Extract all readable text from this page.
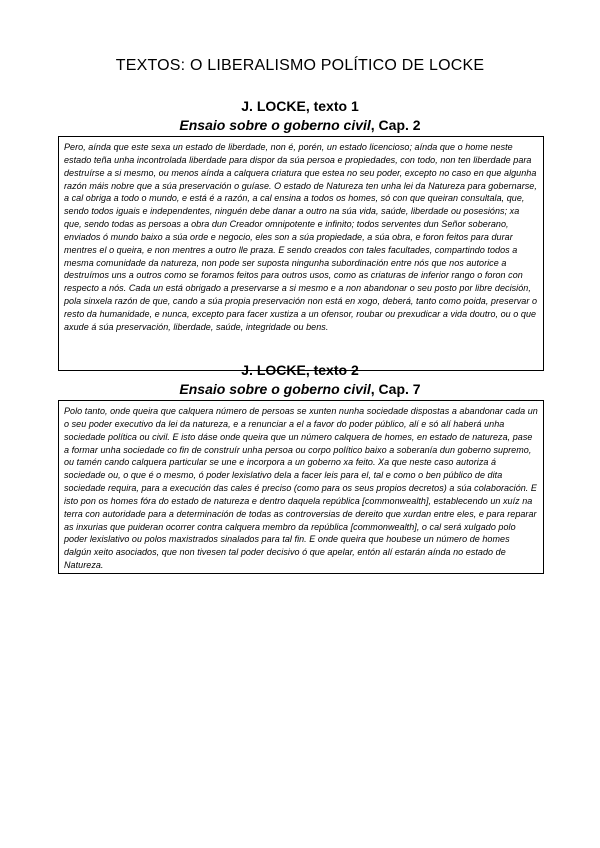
TEXTOS: O LIBERALISMO POLÍTICO DE LOCKE
J. LOCKE, texto 1
Ensaio sobre o goberno civil, Cap. 2
Pero, aínda que este sexa un estado de liberdade, non é, porén, un estado licencioso; aínda que o home neste estado teña unha incontrolada liberdade para dispor da súa persoa e propiedades, con todo, non ten liberdade para destruírse a si mesmo, ou menos aínda a calquera criatura que estea no seu poder, excepto no caso en que algunha razón máis nobre que a súa preservación o guíase. O estado de Natureza ten unha lei da Natureza para gobernarse, a cal obriga a todo o mundo, e está é a razón, a cal ensina a todos os homes, só con que queiran consultala, que, sendo todos iguais e independentes, ninguén debe danar a outro na súa vida, saúde, liberdade ou posesións; xa que, sendo todas as persoas a obra dun Creador omnipotente e infinito; todos serventes dun Señor soberano, enviados ó mundo baixo a súa orde e negocio, eles son a súa propiedade, a súa obra, e foron feitos para durar mentres el o queira, e non mentres a outro lle praza. E sendo creados con tales facultades, compartindo todos a mesma comunidade da natureza, non pode ser suposta ningunha subordinación entre nós que nos autorice a destruímos uns a outros como se foramos feitos para outros usos, como as criaturas de inferior rango o foron con respecto a nós. Cada un está obrigado a preservarse a si mesmo e a non abandonar o seu posto por libre decisión, pola sinxela razón de que, cando a súa propia preservación non está en xogo, deberá, tanto como poida, preservar o resto da humanidade, e nunca, excepto para facer xustiza a un ofensor, roubar ou prexudicar a vida doutro, ou o que axude á súa preservación, liberdade, saúde, integridade ou bens.
J. LOCKE, texto 2
Ensaio sobre o goberno civil, Cap. 7
Polo tanto, onde queira que calquera número de persoas se xunten nunha sociedade dispostas a abandonar cada un o seu poder executivo da lei da natureza, e a renunciar a el a favor do poder público, alí e só alí haberá unha sociedade política ou civil. E isto dáse onde queira que un número calquera de homes, en estado de natureza, pase a formar unha sociedade co fin de construír unha persoa ou corpo político baixo a soberanía dun goberno supremo, ou tamén cando calquera particular se une e incorpora a un goberno xa feito. Xa que neste caso autoriza á sociedade ou, o que é o mesmo, ó poder lexislativo dela a facer leis para el, tal e como o ben público de dita sociedade requira, para a execución das cales é preciso (como para os seus propios decretos) a súa colaboración. E isto pon os homes fóra do estado de natureza e dentro daquela república [commonwealth], establecendo un xuíz na terra con autoridade para a determinación de todas as controversias de dereito que xurdan entre eles, e para reparar as inxurias que puideran ocorrer contra calquera membro da república [commonwealth], o cal será xulgado polo poder lexislativo ou polos maxistrados sinalados para tal fin. E onde queira que houbese un número de homes dalgún xeito asociados, que non tivesen tal poder decisivo ó que apelar, entón alí estarán aínda no estado de Natureza.
